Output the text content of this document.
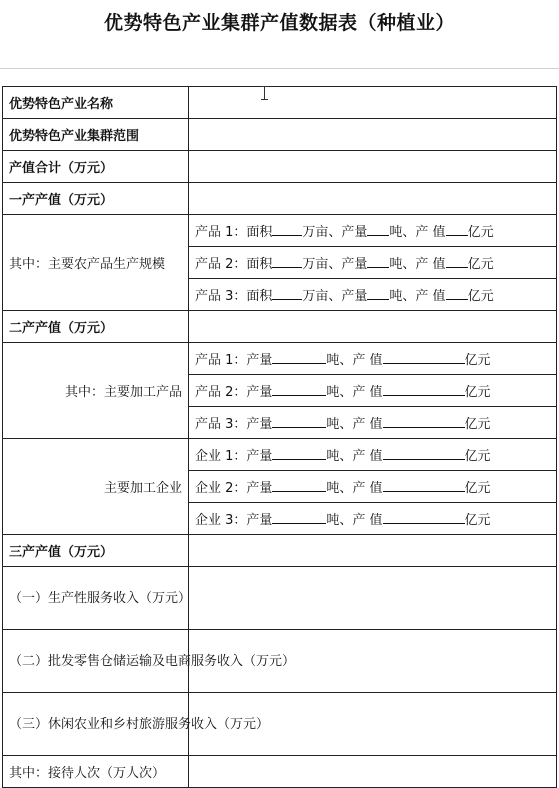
优势特色产业集群产值数据表（种植业）
优势特色产业名称	
优势特色产业集群范围	
产值合计（万元）	
一产产值（万元）	
其中：主要农产品生产规模	产品 1：面积 万亩、产量 吨、产 值 亿元
	产品 2：面积 万亩、产量 吨、产 值 亿元
	产品 3：面积 万亩、产量 吨、产 值 亿元
二产产值（万元）	
其中：主要加工产品	产品 1：产量 吨、产 值 亿元
	产品 2：产量 吨、产 值 亿元
	产品 3：产量 吨、产 值 亿元
主要加工企业	企业 1：产量 吨、产 值 亿元
	企业 2：产量 吨、产 值 亿元
	企业 3：产量 吨、产 值 亿元
三产产值（万元）	
（一）生产性服务收入（万元）	
（二）批发零售仓储运输及电商服务收入（万元）	
（三）休闲农业和乡村旅游服务收入（万元）	
其中：接待人次（万人次）	
